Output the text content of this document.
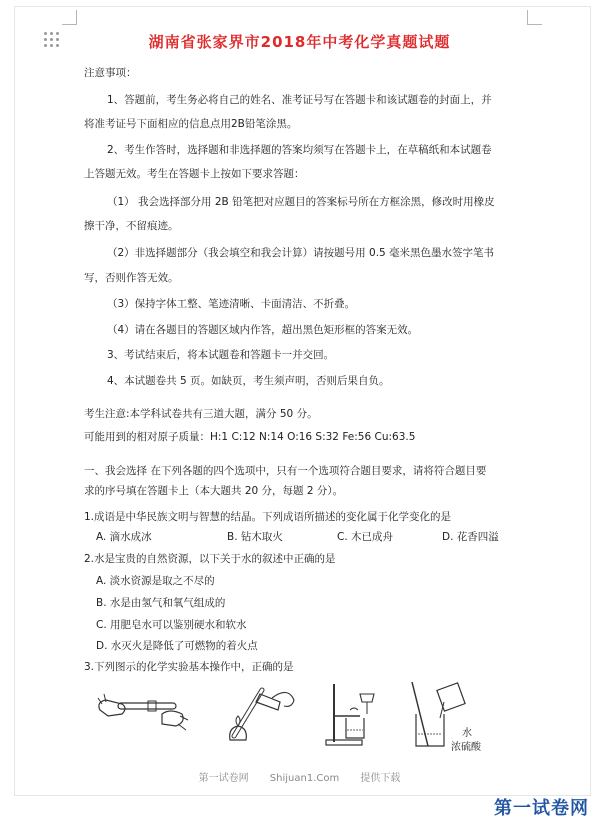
湖南省张家界市2018年中考化学真题试题
注意事项：
1、答题前，考生务必将自己的姓名、准考证号写在答题卡和该试题卷的封面上，并
将准考证号下面相应的信息点用2B铅笔涂黑。
2、考生作答时，选择题和非选择题的答案均须写在答题卡上，在草稿纸和本试题卷
上答题无效。考生在答题卡上按如下要求答题：
（1） 我会选择部分用 2B 铅笔把对应题目的答案标号所在方框涂黑，修改时用橡皮
擦干净，不留痕迹。
（2）非选择题部分（我会填空和我会计算）请按题号用 0.5 毫米黑色墨水签字笔书
写，否则作答无效。
（3）保持字体工整、笔迹清晰、卡面清洁、不折叠。
（4）请在各题目的答题区域内作答，超出黑色矩形框的答案无效。
3、考试结束后，将本试题卷和答题卡一并交回。
4、本试题卷共 5 页。如缺页，考生须声明，否则后果自负。
考生注意:本学科试卷共有三道大题，满分 50 分。
可能用到的相对原子质量：H:1 C:12 N:14 O:16 S:32 Fe:56 Cu:63.5
一、我会选择 在下列各题的四个选项中，只有一个选项符合题目要求，请将符合题目要
求的序号填在答题卡上（本大题共 20 分，每题 2 分）。
1.成语是中华民族文明与智慧的结晶。下列成语所描述的变化属于化学变化的是
A. 滴水成冰	B. 钻木取火	C. 木已成舟	D. 花香四溢
2.水是宝贵的自然资源，以下关于水的叙述中正确的是
A. 淡水资源是取之不尽的
B. 水是由氢气和氧气组成的
C. 用肥皂水可以鉴别硬水和软水
D. 水灭火是降低了可燃物的着火点
3.下列图示的化学实验基本操作中，正确的是
水
浓硫酸
第一试卷网 Shijuan1.Com 提供下载
第一试卷网
